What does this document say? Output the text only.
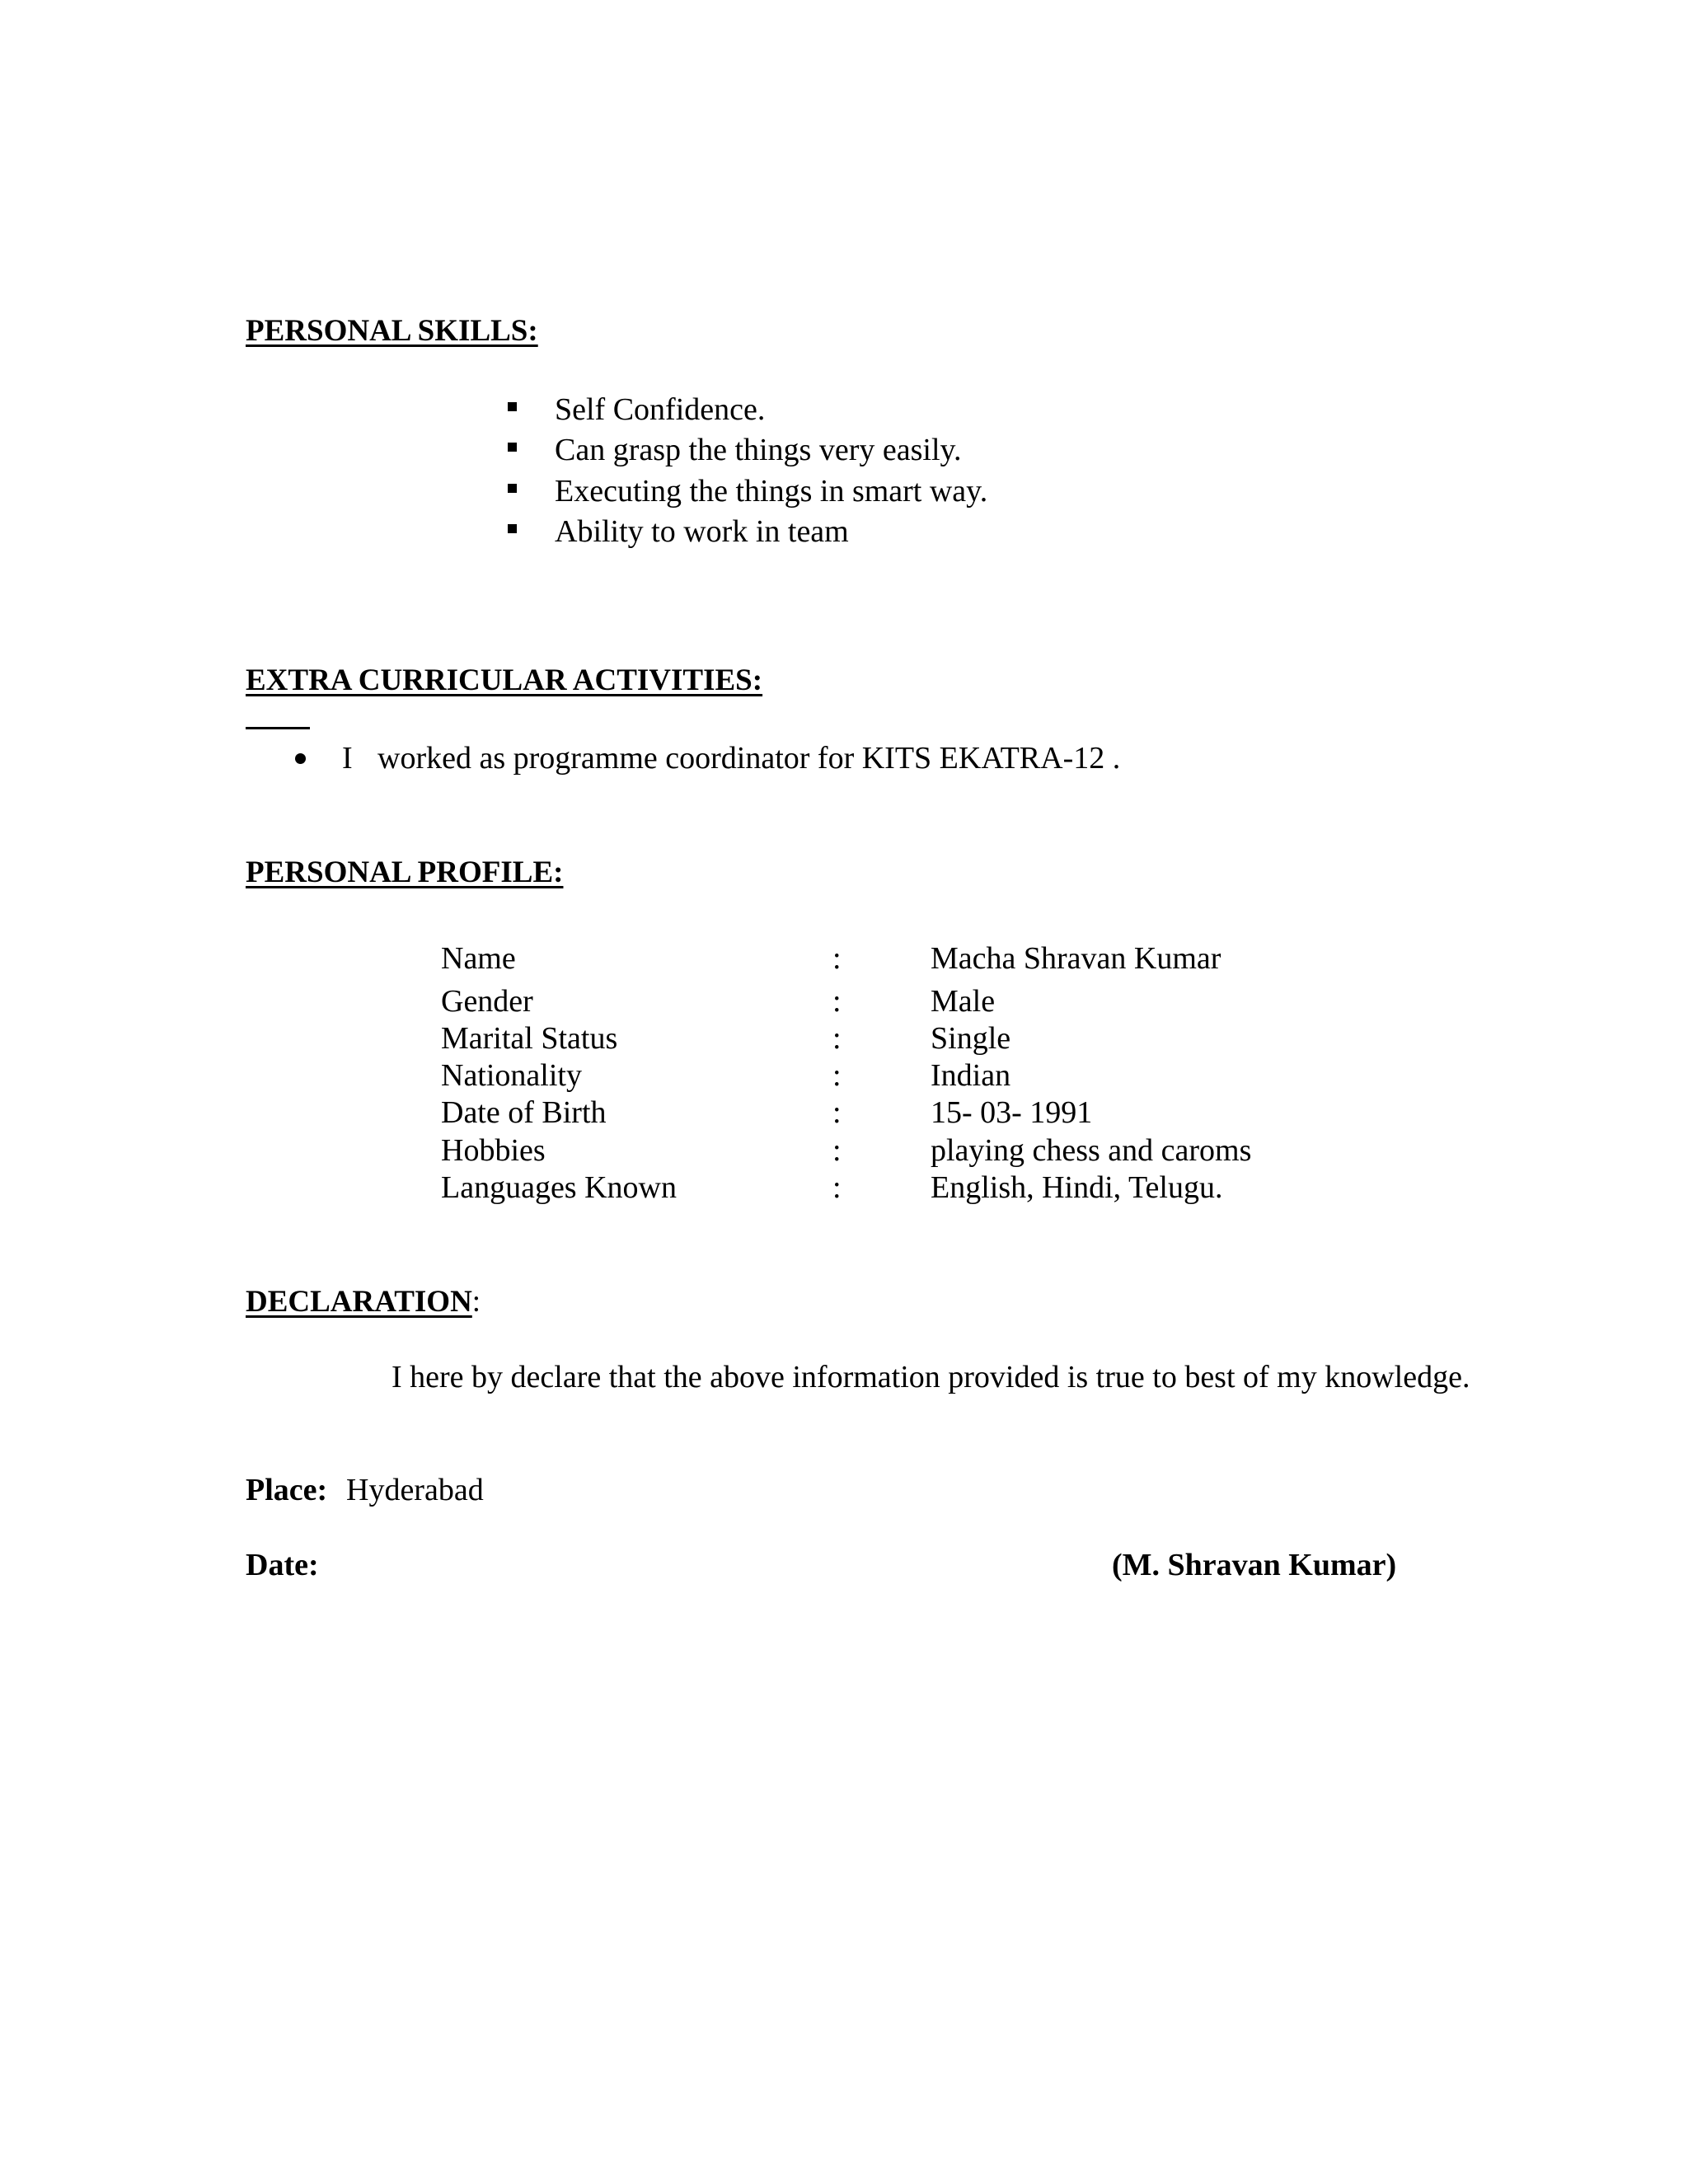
PERSONAL SKILLS:
Self Confidence.
Can grasp the things very easily.
Executing the things in smart way.
Ability to work in team
EXTRA CURRICULAR ACTIVITIES:
I worked as programme coordinator for KITS EKATRA-12 .
PERSONAL PROFILE:
Name	:	Macha Shravan Kumar
Gender	:	Male
Marital Status	:	Single
Nationality	:	Indian
Date of Birth	:	15- 03- 1991
Hobbies	:	playing chess and caroms
Languages Known	:	English, Hindi, Telugu.
DECLARATION:
I here by declare that the above information provided is true to best of my knowledge.
Place: Hyderabad
Date:	(M. Shravan Kumar)
